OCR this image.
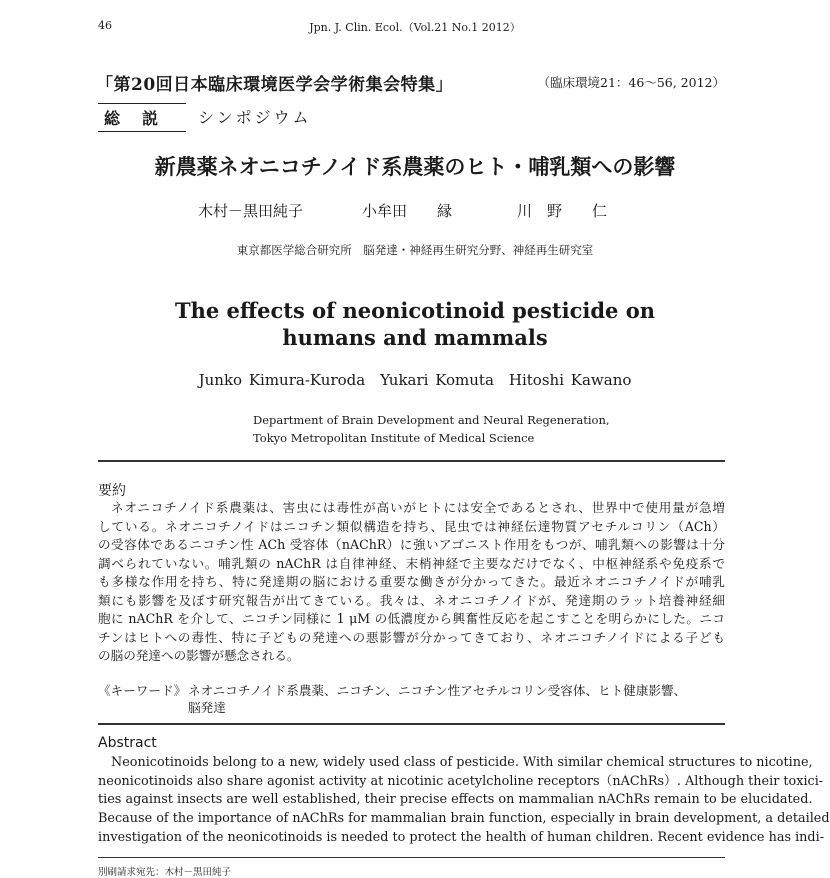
46	Jpn. J. Clin. Ecol.（Vol.21 No.1 2012）
「第20回日本臨床環境医学会学術集会特集」	（臨床環境21：46～56, 2012）
総説	シンポジウム
新農薬ネオニコチノイド系農薬のヒト・哺乳類への影響
木村－黒田純子	小牟田　　縁	川　野　　仁
東京都医学総合研究所　脳発達・神経再生研究分野、神経再生研究室
The effects of neonicotinoid pesticide on humans and mammals
Junko Kimura-Kuroda　Yukari Komuta　Hitoshi Kawano
Department of Brain Development and Neural Regeneration,
Tokyo Metropolitan Institute of Medical Science
要約
ネオニコチノイド系農薬は、害虫には毒性が高いがヒトには安全であるとされ、世界中で使用量が急増
している。ネオニコチノイドはニコチン類似構造を持ち、昆虫では神経伝達物質アセチルコリン（ACh）
の受容体であるニコチン性 ACh 受容体（nAChR）に強いアゴニスト作用をもつが、哺乳類への影響は十分
調べられていない。哺乳類の nAChR は自律神経、末梢神経で主要なだけでなく、中枢神経系や免疫系で
も多様な作用を持ち、特に発達期の脳における重要な働きが分かってきた。最近ネオニコチノイドが哺乳
類にも影響を及ぼす研究報告が出てきている。我々は、ネオニコチノイドが、発達期のラット培養神経細
胞に nAChR を介して、ニコチン同様に 1 μM の低濃度から興奮性反応を起こすことを明らかにした。ニコ
チンはヒトへの毒性、特に子どもの発達への悪影響が分かってきており、ネオニコチノイドによる子ども
の脳の発達への影響が懸念される。
《キーワード》 ネオニコチノイド系農薬、ニコチン、ニコチン性アセチルコリン受容体、ヒト健康影響、
脳発達
Abstract
Neonicotinoids belong to a new, widely used class of pesticide. With similar chemical structures to nicotine,
neonicotinoids also share agonist activity at nicotinic acetylcholine receptors（nAChRs）. Although their toxici-
ties against insects are well established, their precise effects on mammalian nAChRs remain to be elucidated.
Because of the importance of nAChRs for mammalian brain function, especially in brain development, a detailed
investigation of the neonicotinoids is needed to protect the health of human children. Recent evidence has indi-
別刷請求宛先：木村－黒田純子
